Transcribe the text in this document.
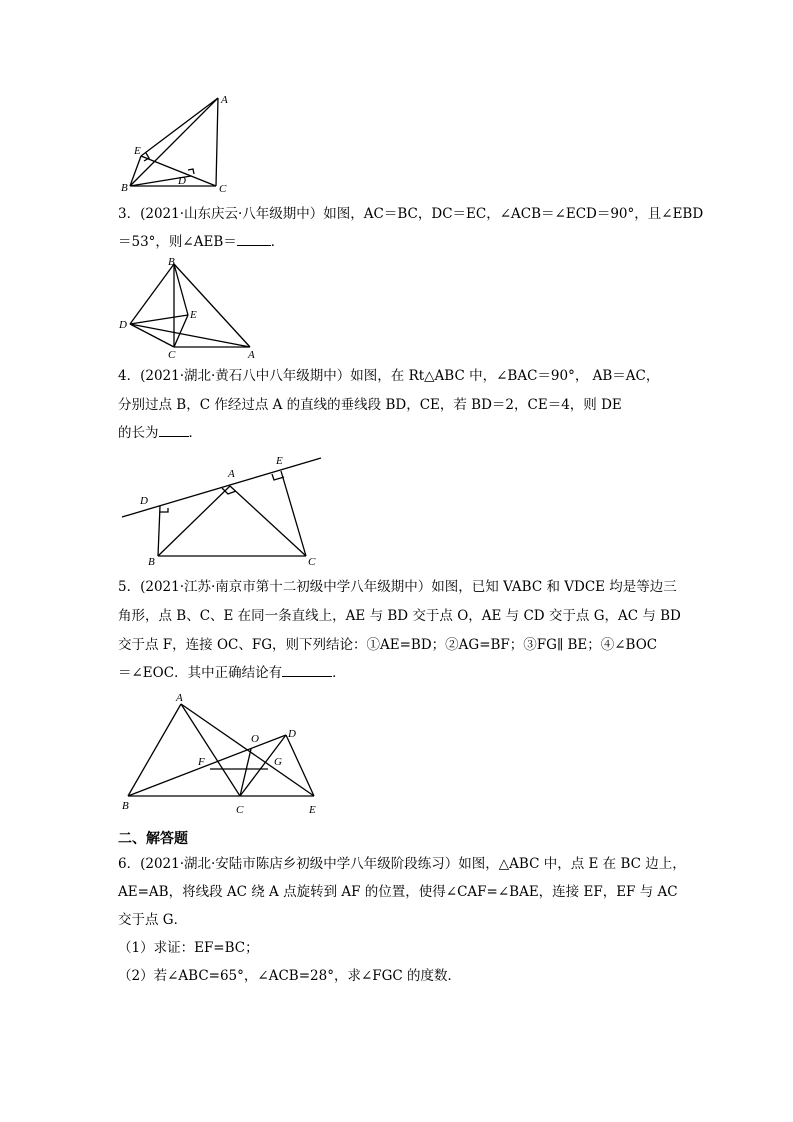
A
E
D
B	C
3．(2021·山东庆云·八年级期中）如图，AC＝BC，DC＝EC，∠ACB＝∠ECD＝90°，且∠EBD
＝53°，则∠AEB＝	．
B
D
E
C	A
4．(2021·湖北·黄石八中八年级期中）如图，在 Rt△ABC 中，∠BAC＝90°， AB＝AC，
分别过点 B，C 作经过点 A 的直线的垂线段 BD，CE，若 BD＝2，CE＝4，则 DE
的长为 ．
A
E
D
B	C
5．(2021·江苏·南京市第十二初级中学八年级期中）如图，已知 VABC 和 VDCE 均是等边三
角形，点 B、C、E 在同一条直线上，AE 与 BD 交于点 O，AE 与 CD 交于点 G，AC 与 BD
交于点 F，连接 OC、FG，则下列结论：①AE=BD；②AG=BF；③FG∥ BE；④∠BOC
＝∠EOC．其中正确结论有	．
A
O	D
F	G
B	C	E
二、解答题
6．(2021·湖北·安陆市陈店乡初级中学八年级阶段练习）如图，△ABC 中，点 E 在 BC 边上，
AE=AB，将线段 AC 绕 A 点旋转到 AF 的位置，使得∠CAF=∠BAE，连接 EF，EF 与 AC
交于点 G．
（1）求证：EF=BC；
（2）若∠ABC=65°，∠ACB=28°，求∠FGC 的度数．
